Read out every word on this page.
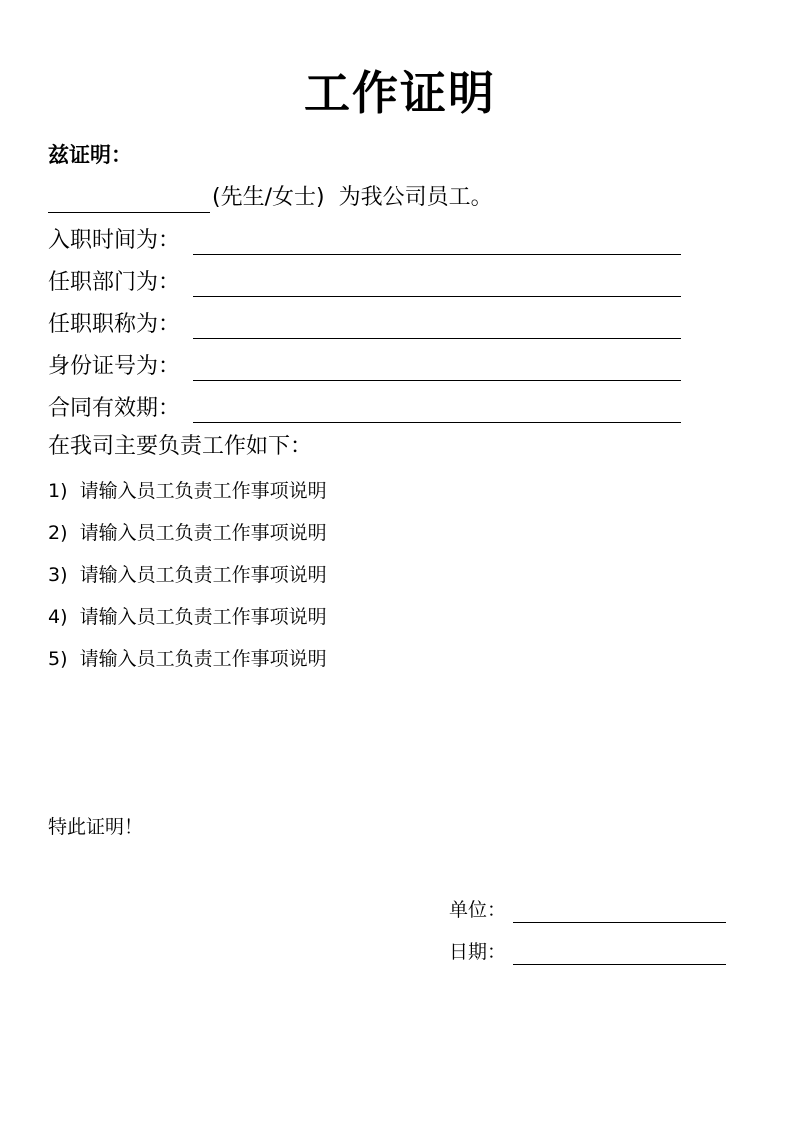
工作证明
兹证明：
(先生/女士) 为我公司员工。
入职时间为：
任职部门为：
任职职称为：
身份证号为：
合同有效期：
在我司主要负责工作如下：
1) 请输入员工负责工作事项说明
2) 请输入员工负责工作事项说明
3) 请输入员工负责工作事项说明
4) 请输入员工负责工作事项说明
5) 请输入员工负责工作事项说明
特此证明！
单位：
日期：
